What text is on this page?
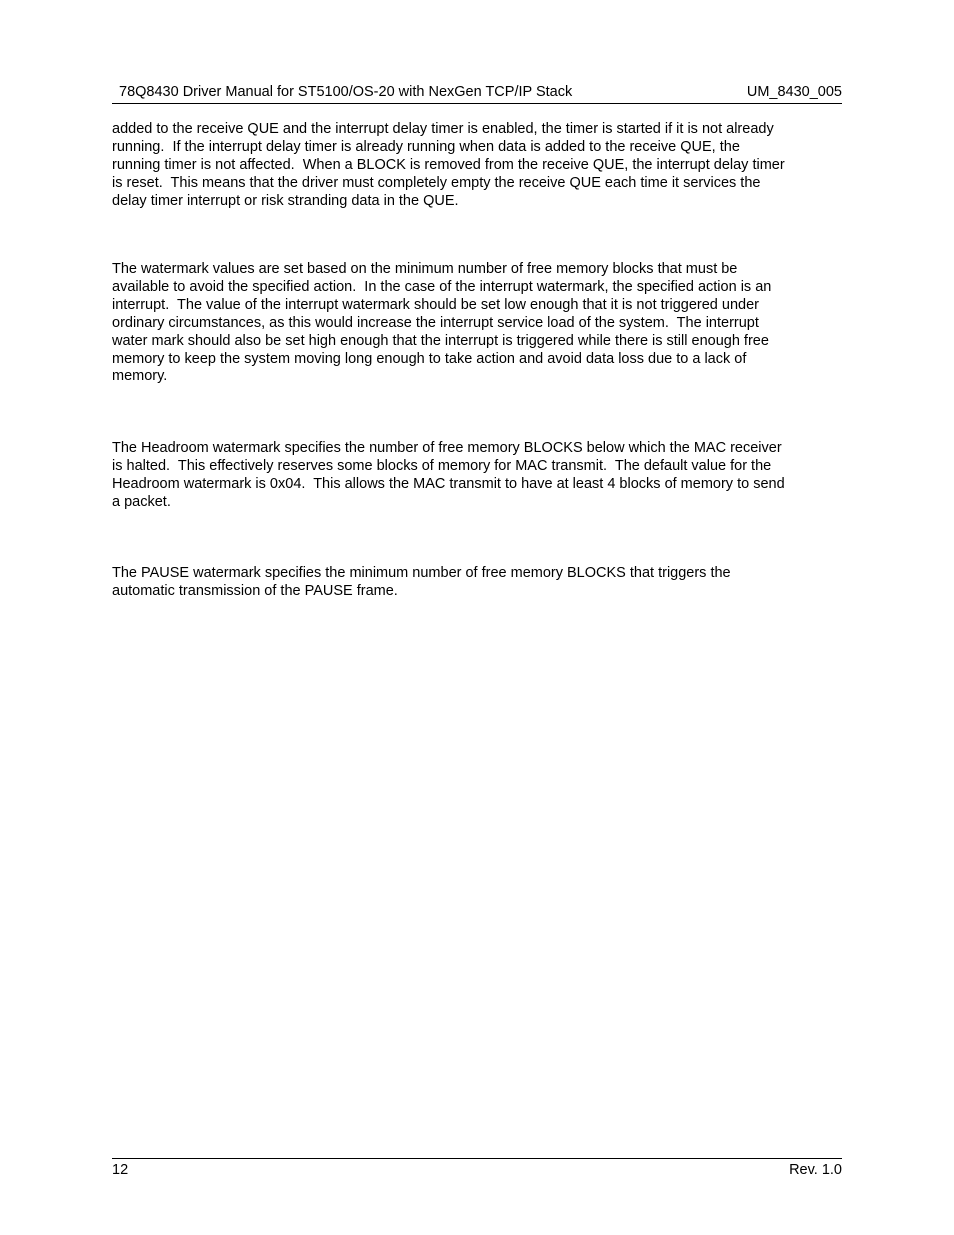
78Q8430 Driver Manual for ST5100/OS-20 with NexGen TCP/IP Stack	UM_8430_005
added to the receive QUE and the interrupt delay timer is enabled, the timer is started if it is not already
running.  If the interrupt delay timer is already running when data is added to the receive QUE, the
running timer is not affected.  When a BLOCK is removed from the receive QUE, the interrupt delay timer
is reset.  This means that the driver must completely empty the receive QUE each time it services the
delay timer interrupt or risk stranding data in the QUE.
The watermark values are set based on the minimum number of free memory blocks that must be
available to avoid the specified action.  In the case of the interrupt watermark, the specified action is an
interrupt.  The value of the interrupt watermark should be set low enough that it is not triggered under
ordinary circumstances, as this would increase the interrupt service load of the system.  The interrupt
water mark should also be set high enough that the interrupt is triggered while there is still enough free
memory to keep the system moving long enough to take action and avoid data loss due to a lack of
memory.
The Headroom watermark specifies the number of free memory BLOCKS below which the MAC receiver
is halted.  This effectively reserves some blocks of memory for MAC transmit.  The default value for the
Headroom watermark is 0x04.  This allows the MAC transmit to have at least 4 blocks of memory to send
a packet.
The PAUSE watermark specifies the minimum number of free memory BLOCKS that triggers the
automatic transmission of the PAUSE frame.
12	Rev. 1.0
